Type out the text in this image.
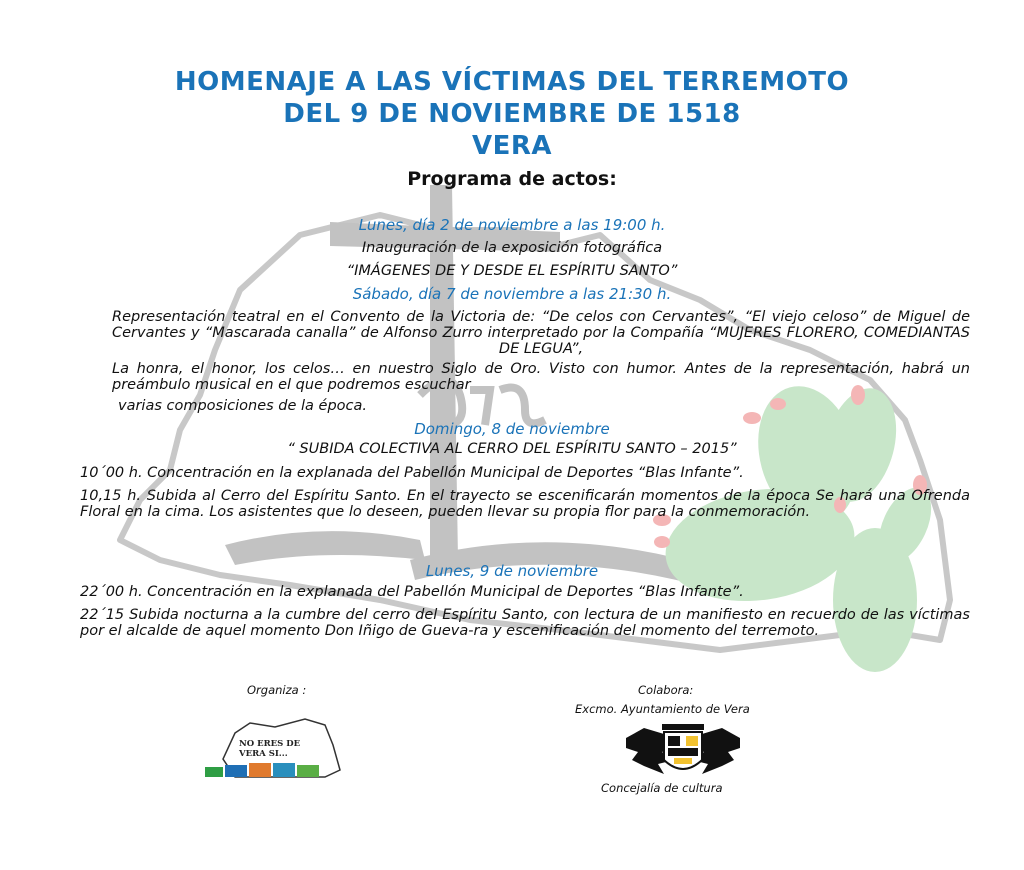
HOMENAJE A LAS VÍCTIMAS DEL TERREMOTO
DEL 9 DE NOVIEMBRE DE 1518
VERA
Programa de actos:
Lunes, día 2 de noviembre a las 19:00 h.
Inauguración de la exposición fotográfica
“IMÁGENES DE Y DESDE EL ESPÍRITU SANTO”
Sábado, día 7 de noviembre a las 21:30 h.
Representación teatral en el Convento de la Victoria de: “De celos con Cervantes”, “El viejo celoso” de Miguel de Cervantes y “Mascarada canalla” de Alfonso Zurro interpretado por la Compañía “MUJERES FLORERO, COMEDIANTAS DE LEGUA”,
La honra, el honor, los celos… en nuestro Siglo de Oro. Visto con humor. Antes de la representación, habrá un preámbulo musical en el que podremos escuchar
varias composiciones de la época.
Domingo, 8 de noviembre
“ SUBIDA COLECTIVA AL CERRO DEL ESPÍRITU SANTO – 2015”
10´00 h. Concentración en la explanada del Pabellón Municipal de Deportes “Blas Infante”.
10,15 h. Subida al Cerro del Espíritu Santo. En el trayecto se escenificarán momentos de la época Se hará una Ofrenda Floral en la cima. Los asistentes que lo deseen, pueden llevar su propia flor para la conmemoración.
Lunes, 9 de noviembre
22´00 h. Concentración en la explanada del Pabellón Municipal de Deportes “Blas Infante”.
22´15 Subida nocturna a la cumbre del cerro del Espíritu Santo, con lectura de un manifiesto en recuerdo de las víctimas por el alcalde de aquel momento Don Iñigo de Gueva-ra y escenificación del momento del terremoto.
Organiza :
NO ERES DE VERA SI...
Colabora:
Excmo. Ayuntamiento de Vera
Concejalía de cultura
